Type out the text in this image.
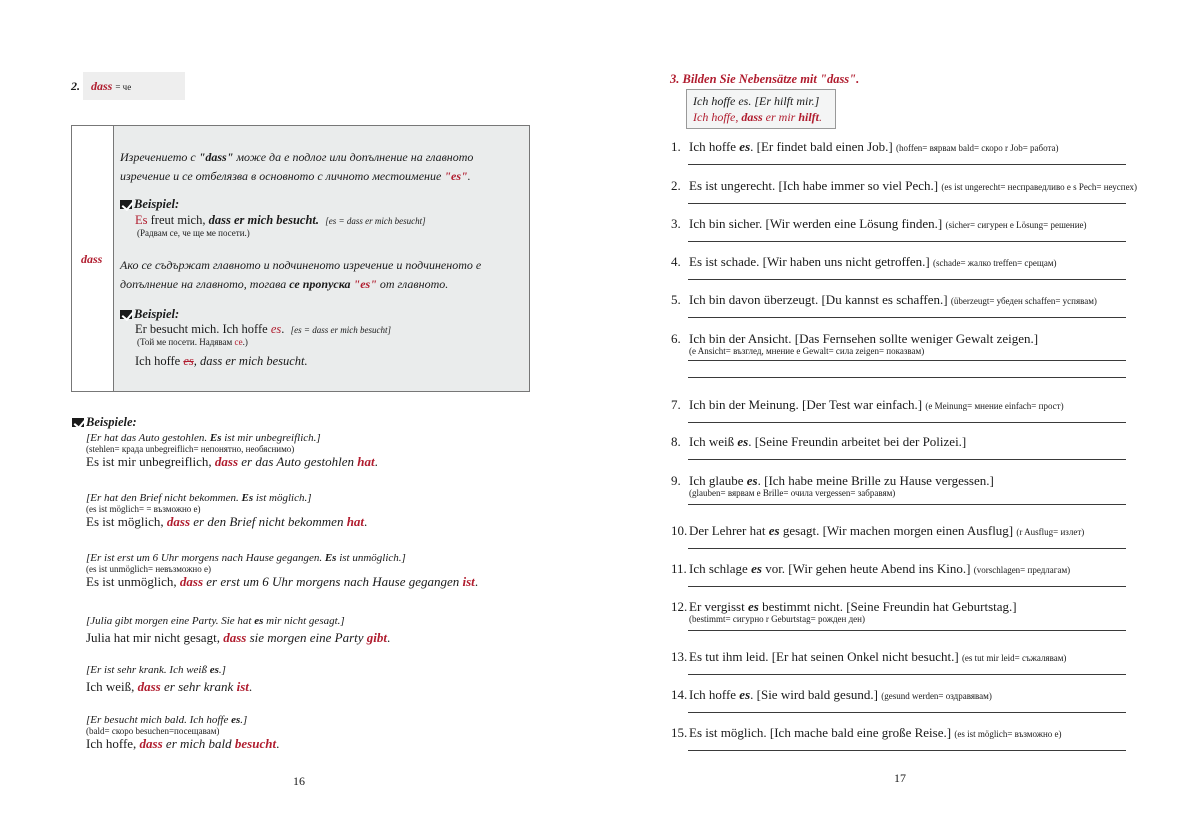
2. dass = че
dass
Изречението с "dass" може да е подлог или допълнение на главното
изречение и се отбелязва в основното с личното местоимение "es".
Beispiel:
Es freut mich, dass er mich besucht. [es = dass er mich besucht]
(Радвам се, че ще ме посети.)
Ако се съдържат главното и подчиненото изречение и подчиненото е
допълнение на главното, тогава се пропуска "es" от главното.
Beispiel:
Er besucht mich. Ich hoffe es. [es = dass er mich besucht]
(Той ме посети. Надявам се.)
Ich hoffe es, dass er mich besucht.
Beispiele:
[Er hat das Auto gestohlen. Es ist mir unbegreiflich.]
(stehlen= крада unbegreiflich= непонятно, необяснимо)
Es ist mir unbegreiflich, dass er das Auto gestohlen hat.
[Er hat den Brief nicht bekommen. Es ist möglich.]
(es ist möglich= = възможно е)
Es ist möglich, dass er den Brief nicht bekommen hat.
[Er ist erst um 6 Uhr morgens nach Hause gegangen. Es ist unmöglich.]
(es ist unmöglich= невъзможно е)
Es ist unmöglich, dass er erst um 6 Uhr morgens nach Hause gegangen ist.
[Julia gibt morgen eine Party. Sie hat es mir nicht gesagt.]
Julia hat mir nicht gesagt, dass sie morgen eine Party gibt.
[Er ist sehr krank. Ich weiß es.]
Ich weiß, dass er sehr krank ist.
[Er besucht mich bald. Ich hoffe es.]
(bald= скоро besuchen=посещавам)
Ich hoffe, dass er mich bald besucht.
16
3. Bilden Sie Nebensätze mit "dass".
Ich hoffe es. [Er hilft mir.]
Ich hoffe, dass er mir hilft.
1. Ich hoffe es. [Er findet bald einen Job.] (hoffen= вярвам bald= скоро r Job= работа)
2. Es ist ungerecht. [Ich habe immer so viel Pech.] (es ist ungerecht= несправедливо е s Pech= неуспех)
3. Ich bin sicher. [Wir werden eine Lösung finden.] (sicher= сигурен e Lösung= решение)
4. Es ist schade. [Wir haben uns nicht getroffen.] (schade= жалко treffen= срещам)
5. Ich bin davon überzeugt. [Du kannst es schaffen.] (überzeugt= убеден schaffen= успявам)
6. Ich bin der Ansicht. [Das Fernsehen sollte weniger Gewalt zeigen.]
(e Ansicht= възглед, мнение e Gewalt= сила zeigen= показвам)
7. Ich bin der Meinung. [Der Test war einfach.] (e Meinung= мнение einfach= прост)
8. Ich weiß es. [Seine Freundin arbeitet bei der Polizei.]
9. Ich glaube es. [Ich habe meine Brille zu Hause vergessen.]
(glauben= вярвам e Brille= очила vergessen= забравям)
10. Der Lehrer hat es gesagt. [Wir machen morgen einen Ausflug] (r Ausflug= излет)
11. Ich schlage es vor. [Wir gehen heute Abend ins Kino.] (vorschlagen= предлагам)
12. Er vergisst es bestimmt nicht. [Seine Freundin hat Geburtstag.]
(bestimmt= сигурно r Geburtstag= рожден ден)
13. Es tut ihm leid. [Er hat seinen Onkel nicht besucht.] (es tut mir leid= съжалявам)
14. Ich hoffe es. [Sie wird bald gesund.] (gesund werden= оздравявам)
15. Es ist möglich. [Ich mache bald eine große Reise.] (es ist möglich= възможно е)
17
